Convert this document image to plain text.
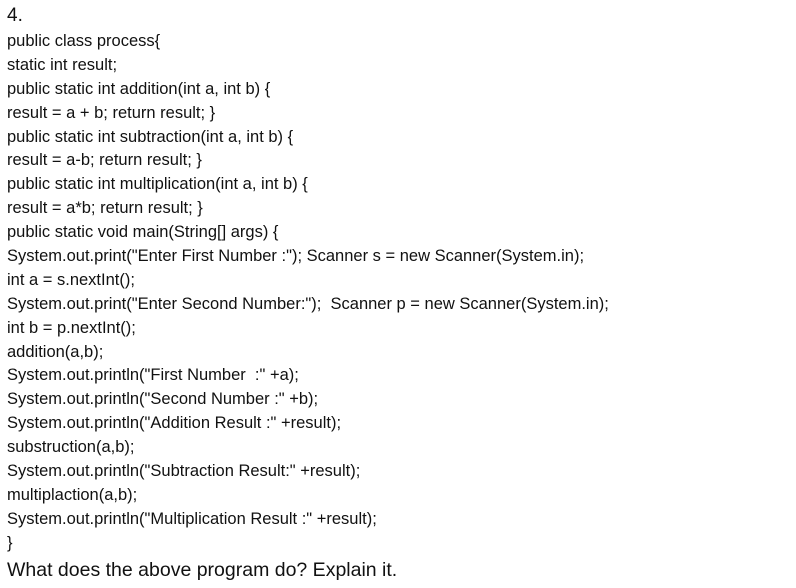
4.
public class process{
static int result;
public static int addition(int a, int b) {
result = a + b; return result; }
public static int subtraction(int a, int b) {
result = a-b; return result; }
public static int multiplication(int a, int b) {
result = a*b; return result; }
public static void main(String[] args) {
System.out.print("Enter First Number :"); Scanner s = new Scanner(System.in);
int a = s.nextInt();
System.out.print("Enter Second Number:");  Scanner p = new Scanner(System.in);
int b = p.nextInt();
addition(a,b);
System.out.println("First Number  :" +a);
System.out.println("Second Number :" +b);
System.out.println("Addition Result :" +result);
substruction(a,b);
System.out.println("Subtraction Result:" +result);
multiplaction(a,b);
System.out.println("Multiplication Result :" +result);
}
What does the above program do? Explain it.
